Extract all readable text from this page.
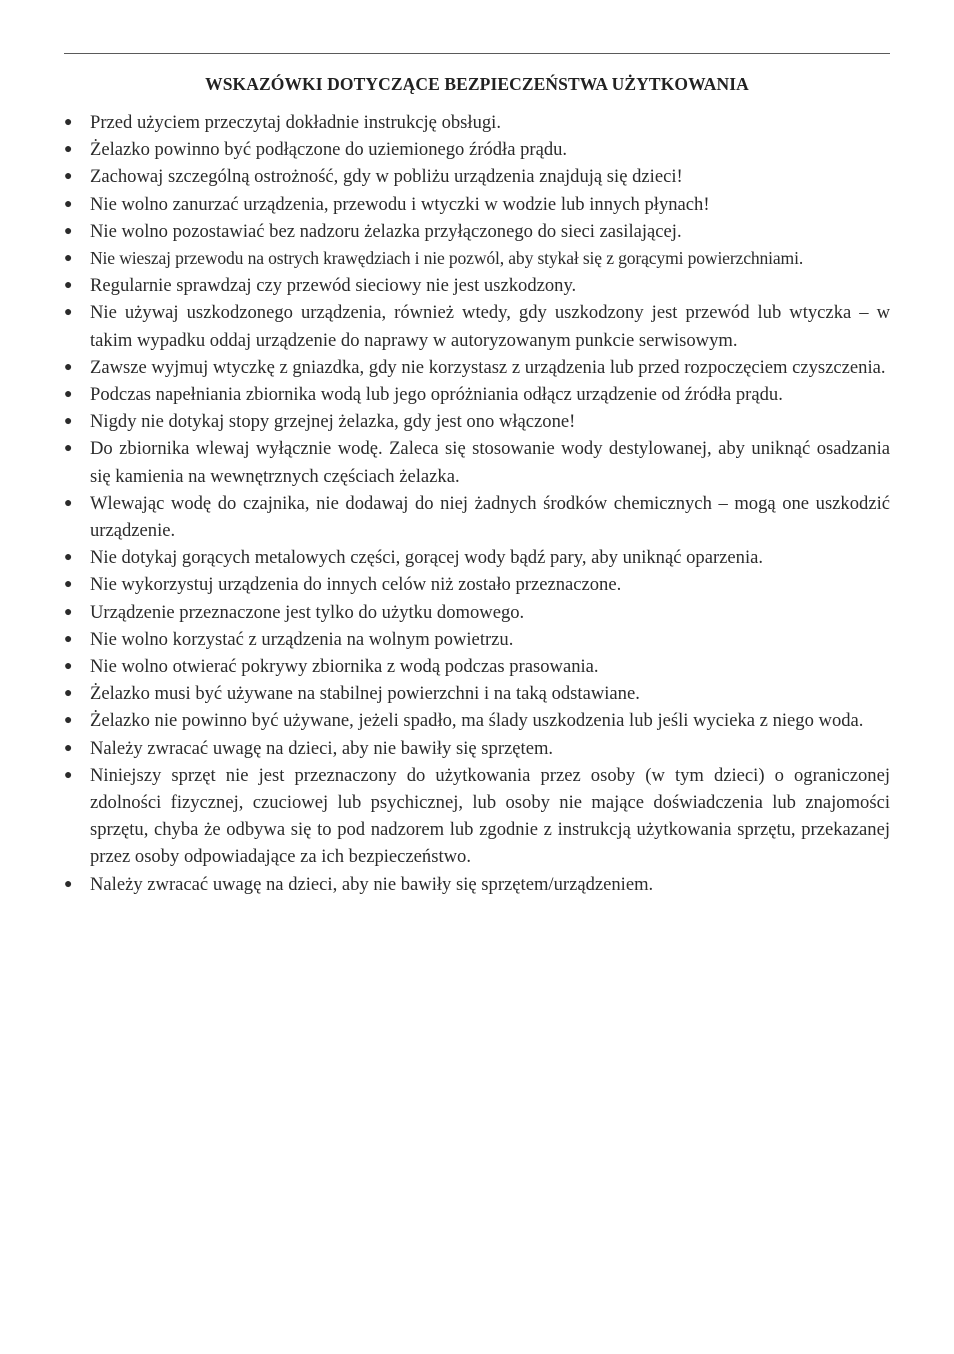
WSKAZÓWKI DOTYCZĄCE BEZPIECZEŃSTWA UŻYTKOWANIA
● Przed użyciem przeczytaj dokładnie instrukcję obsługi.
● Żelazko powinno być podłączone do uziemionego źródła prądu.
● Zachowaj szczególną ostrożność, gdy w pobliżu urządzenia znajdują się dzieci!
● Nie wolno zanurzać urządzenia, przewodu i wtyczki w wodzie lub innych płynach!
● Nie wolno pozostawiać bez nadzoru żelazka przyłączonego do sieci zasilającej.
● Nie wieszaj przewodu na ostrych krawędziach i nie pozwól, aby stykał się z gorącymi powierzchniami.
● Regularnie sprawdzaj czy przewód sieciowy nie jest uszkodzony.
● Nie używaj uszkodzonego urządzenia, również wtedy, gdy uszkodzony jest przewód lub wtyczka – w takim wypadku oddaj urządzenie do naprawy w autoryzowanym punkcie serwisowym.
● Zawsze wyjmuj wtyczkę z gniazdka, gdy nie korzystasz z urządzenia lub przed rozpoczęciem czyszczenia.
● Podczas napełniania zbiornika wodą lub jego opróżniania odłącz urządzenie od źródła prądu.
● Nigdy nie dotykaj stopy grzejnej żelazka, gdy jest ono włączone!
● Do zbiornika wlewaj wyłącznie wodę. Zaleca się stosowanie wody destylowanej, aby uniknąć osadzania się kamienia na wewnętrznych częściach żelazka.
● Wlewając wodę do czajnika, nie dodawaj do niej żadnych środków chemicznych – mogą one uszkodzić urządzenie.
● Nie dotykaj gorących metalowych części, gorącej wody bądź pary, aby uniknąć oparzenia.
● Nie wykorzystuj urządzenia do innych celów niż zostało przeznaczone.
● Urządzenie przeznaczone jest tylko do użytku domowego.
● Nie wolno korzystać z urządzenia na wolnym powietrzu.
● Nie wolno otwierać pokrywy zbiornika z wodą podczas prasowania.
● Żelazko musi być używane na stabilnej powierzchni i na taką odstawiane.
● Żelazko nie powinno być używane, jeżeli spadło, ma ślady uszkodzenia lub jeśli wycieka z niego woda.
● Należy zwracać uwagę na dzieci, aby nie bawiły się sprzętem.
● Niniejszy sprzęt nie jest przeznaczony do użytkowania przez osoby (w tym dzieci) o ograniczonej zdolności fizycznej, czuciowej lub psychicznej, lub osoby nie mające doświadczenia lub znajomości sprzętu, chyba że odbywa się to pod nadzorem lub zgodnie z instrukcją użytkowania sprzętu, przekazanej przez osoby odpowiadające za ich bezpieczeństwo.
● Należy zwracać uwagę na dzieci, aby nie bawiły się sprzętem/urządzeniem.
